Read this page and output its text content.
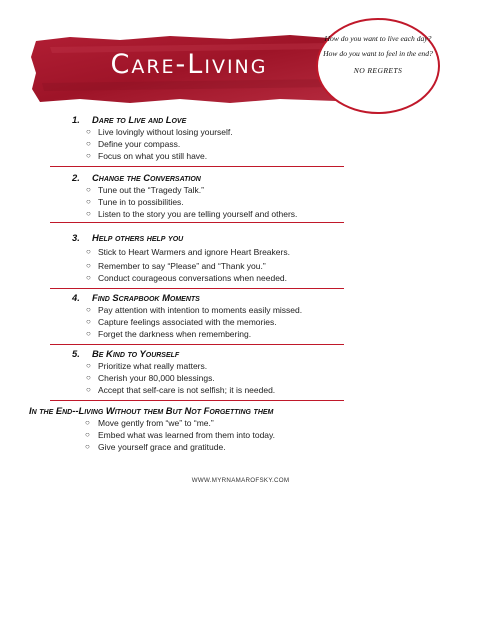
Care-Living

How do you want to live each day?

How do you want to feel in the end?

NO REGRETS

1. Dare to Live and Love
○ Live lovingly without losing yourself.
○ Define your compass.
○ Focus on what you still have.
2. Change the Conversation
○ Tune out the “Tragedy Talk.”
○ Tune in to possibilities.
○ Listen to the story you are telling yourself and others.
3. Help others help you
○ Stick to Heart Warmers and ignore Heart Breakers.
○ Remember to say “Please” and “Thank you.”
○ Conduct courageous conversations when needed.
4. Find Scrapbook Moments
○ Pay attention with intention to moments easily missed.
○ Capture feelings associated with the memories.
○ Forget the darkness when remembering.
5. Be Kind to Yourself
○ Prioritize what really matters.
○ Cherish your 80,000 blessings.
○ Accept that self-care is not selfish; it is needed.
In the End--Living Without them But Not Forgetting them
○ Move gently from “we” to “me.”
○ Embed what was learned from them into today.
○ Give yourself grace and gratitude.
WWW.MYRNAMAROFSKY.COM
